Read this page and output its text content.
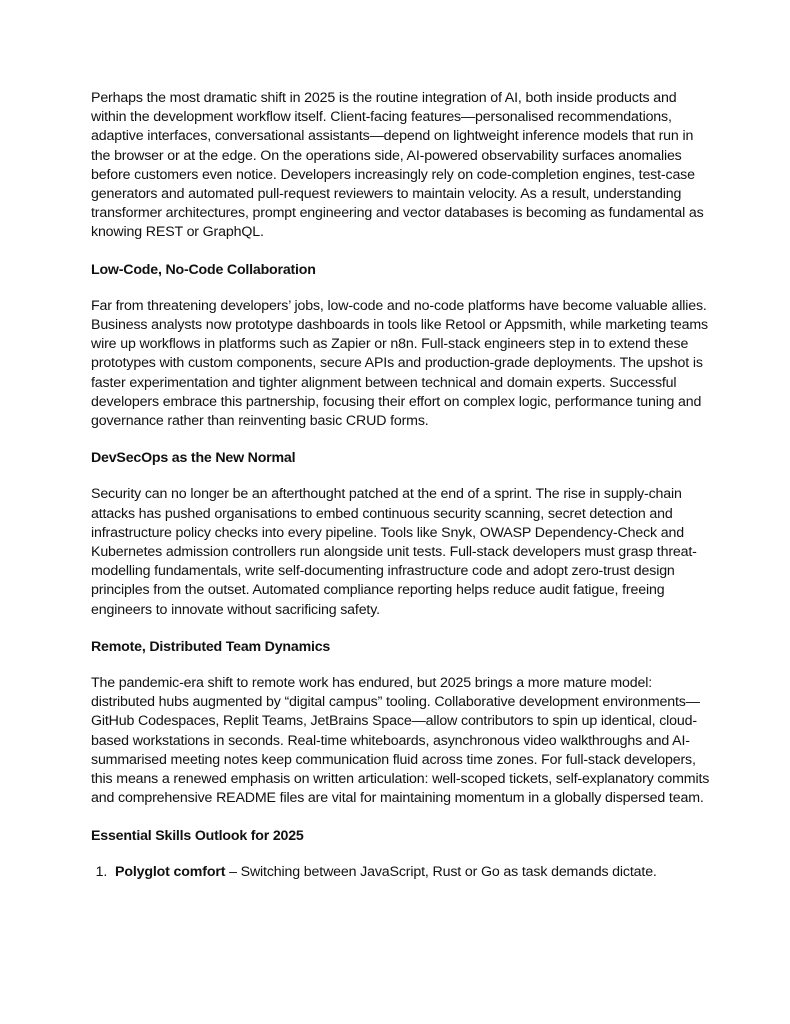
Perhaps the most dramatic shift in 2025 is the routine integration of AI, both inside products and within the development workflow itself. Client-facing features—personalised recommendations, adaptive interfaces, conversational assistants—depend on lightweight inference models that run in the browser or at the edge. On the operations side, AI-powered observability surfaces anomalies before customers even notice. Developers increasingly rely on code-completion engines, test-case generators and automated pull-request reviewers to maintain velocity. As a result, understanding transformer architectures, prompt engineering and vector databases is becoming as fundamental as knowing REST or GraphQL.

Low-Code, No-Code Collaboration

Far from threatening developers’ jobs, low-code and no-code platforms have become valuable allies. Business analysts now prototype dashboards in tools like Retool or Appsmith, while marketing teams wire up workflows in platforms such as Zapier or n8n. Full-stack engineers step in to extend these prototypes with custom components, secure APIs and production-grade deployments. The upshot is faster experimentation and tighter alignment between technical and domain experts. Successful developers embrace this partnership, focusing their effort on complex logic, performance tuning and governance rather than reinventing basic CRUD forms.

DevSecOps as the New Normal

Security can no longer be an afterthought patched at the end of a sprint. The rise in supply-chain attacks has pushed organisations to embed continuous security scanning, secret detection and infrastructure policy checks into every pipeline. Tools like Snyk, OWASP Dependency-Check and Kubernetes admission controllers run alongside unit tests. Full-stack developers must grasp threat-modelling fundamentals, write self-documenting infrastructure code and adopt zero-trust design principles from the outset. Automated compliance reporting helps reduce audit fatigue, freeing engineers to innovate without sacrificing safety.

Remote, Distributed Team Dynamics

The pandemic-era shift to remote work has endured, but 2025 brings a more mature model: distributed hubs augmented by “digital campus” tooling. Collaborative development environments—GitHub Codespaces, Replit Teams, JetBrains Space—allow contributors to spin up identical, cloud-based workstations in seconds. Real-time whiteboards, asynchronous video walkthroughs and AI-summarised meeting notes keep communication fluid across time zones. For full-stack developers, this means a renewed emphasis on written articulation: well-scoped tickets, self-explanatory commits and comprehensive README files are vital for maintaining momentum in a globally dispersed team.

Essential Skills Outlook for 2025
1. Polyglot comfort – Switching between JavaScript, Rust or Go as task demands dictate.
